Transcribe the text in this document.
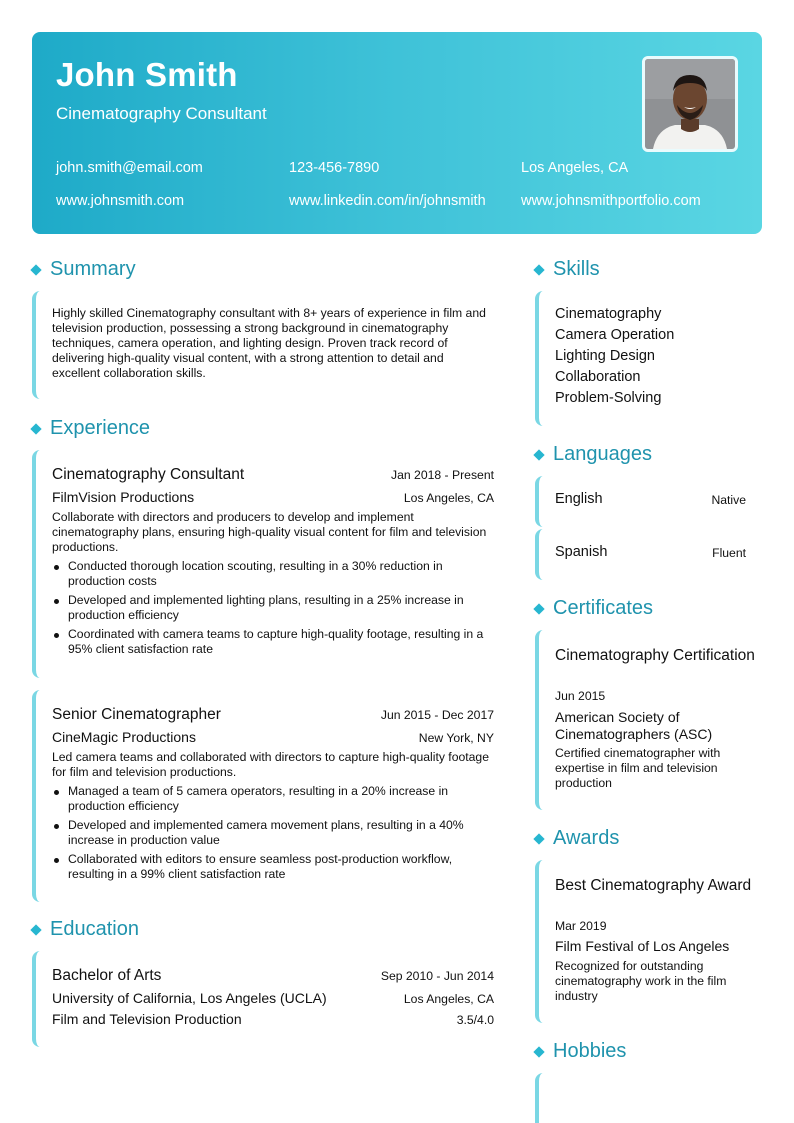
John Smith
Cinematography Consultant
john.smith@email.com	123-456-7890	Los Angeles, CA
www.johnsmith.com	www.linkedin.com/in/johnsmith www.johnsmithportfolio.com
Summary
Highly skilled Cinematography consultant with 8+ years of experience in film and television production, possessing a strong background in cinematography techniques, camera operation, and lighting design. Proven track record of delivering high-quality visual content, with a strong attention to detail and excellent collaboration skills.
Experience
Cinematography Consultant	Jan 2018 - Present
FilmVision Productions	Los Angeles, CA
Collaborate with directors and producers to develop and implement cinematography plans, ensuring high-quality visual content for film and television productions.
Conducted thorough location scouting, resulting in a 30% reduction in production costs
Developed and implemented lighting plans, resulting in a 25% increase in production efficiency
Coordinated with camera teams to capture high-quality footage, resulting in a 95% client satisfaction rate
Senior Cinematographer	Jun 2015 - Dec 2017
CineMagic Productions	New York, NY
Led camera teams and collaborated with directors to capture high-quality footage for film and television productions.
Managed a team of 5 camera operators, resulting in a 20% increase in production efficiency
Developed and implemented camera movement plans, resulting in a 40% increase in production value
Collaborated with editors to ensure seamless post-production workflow, resulting in a 99% client satisfaction rate
Education
Bachelor of Arts	Sep 2010 - Jun 2014
University of California, Los Angeles (UCLA)	Los Angeles, CA
Film and Television Production	3.5/4.0
Skills
Cinematography
Camera Operation
Lighting Design
Collaboration
Problem-Solving
Languages
English	Native
Spanish	Fluent
Certificates
Cinematography Certification
Jun 2015
American Society of Cinematographers (ASC)
Certified cinematographer with expertise in film and television production
Awards
Best Cinematography Award
Mar 2019
Film Festival of Los Angeles
Recognized for outstanding cinematography work in the film industry
Hobbies
